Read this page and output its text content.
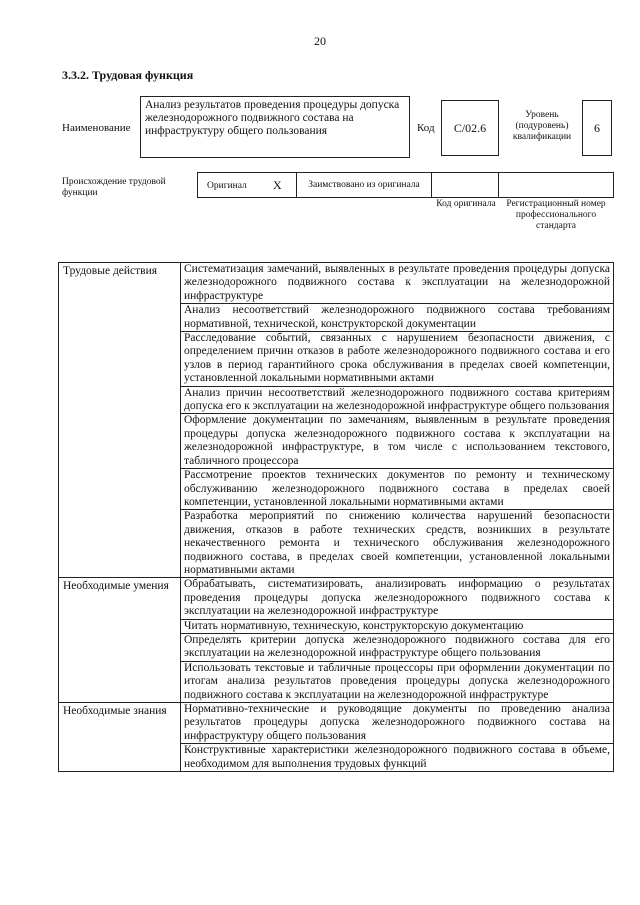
20
3.3.2. Трудовая функция
Наименование
Анализ результатов проведения процедуры допуска железнодорожного подвижного состава на инфраструктуру общего пользования	Код C/02.6
Уровень (подуровень) квалификации
6
Происхождение трудовой функции
Оригинал X	Заимствовано из оригинала
Код оригинала Регистрационный номер профессионального стандарта
Трудовые действия	Систематизация замечаний, выявленных в результате проведения процедуры допуска железнодорожного подвижного состава к эксплуатации на железнодорожной инфраструктуре
	Анализ несоответствий железнодорожного подвижного состава требованиям нормативной, технической, конструкторской документации
	Расследование событий, связанных с нарушением безопасности движения, с определением причин отказов в работе железнодорожного подвижного состава и его узлов в период гарантийного срока обслуживания в пределах своей компетенции, установленной локальными нормативными актами
	Анализ причин несоответствий железнодорожного подвижного состава критериям допуска его к эксплуатации на железнодорожной инфраструктуре общего пользования
	Оформление документации по замечаниям, выявленным в результате проведения процедуры допуска железнодорожного подвижного состава к эксплуатации на железнодорожной инфраструктуре, в том числе с использованием текстового, табличного процессора
	Рассмотрение проектов технических документов по ремонту и техническому обслуживанию железнодорожного подвижного состава в пределах своей компетенции, установленной локальными нормативными актами
	Разработка мероприятий по снижению количества нарушений безопасности движения, отказов в работе технических средств, возникших в результате некачественного ремонта и технического обслуживания железнодорожного подвижного состава, в пределах своей компетенции, установленной локальными нормативными актами
Необходимые умения	Обрабатывать, систематизировать, анализировать информацию о результатах проведения процедуры допуска железнодорожного подвижного состава к эксплуатации на железнодорожной инфраструктуре
	Читать нормативную, техническую, конструкторскую документацию
	Определять критерии допуска железнодорожного подвижного состава для его эксплуатации на железнодорожной инфраструктуре общего пользования
	Использовать текстовые и табличные процессоры при оформлении документации по итогам анализа результатов проведения процедуры допуска железнодорожного подвижного состава к эксплуатации на железнодорожной инфраструктуре
Необходимые знания	Нормативно-технические и руководящие документы по проведению анализа результатов процедуры допуска железнодорожного подвижного состава на инфраструктуру общего пользования
	Конструктивные характеристики железнодорожного подвижного состава в объеме, необходимом для выполнения трудовых функций
